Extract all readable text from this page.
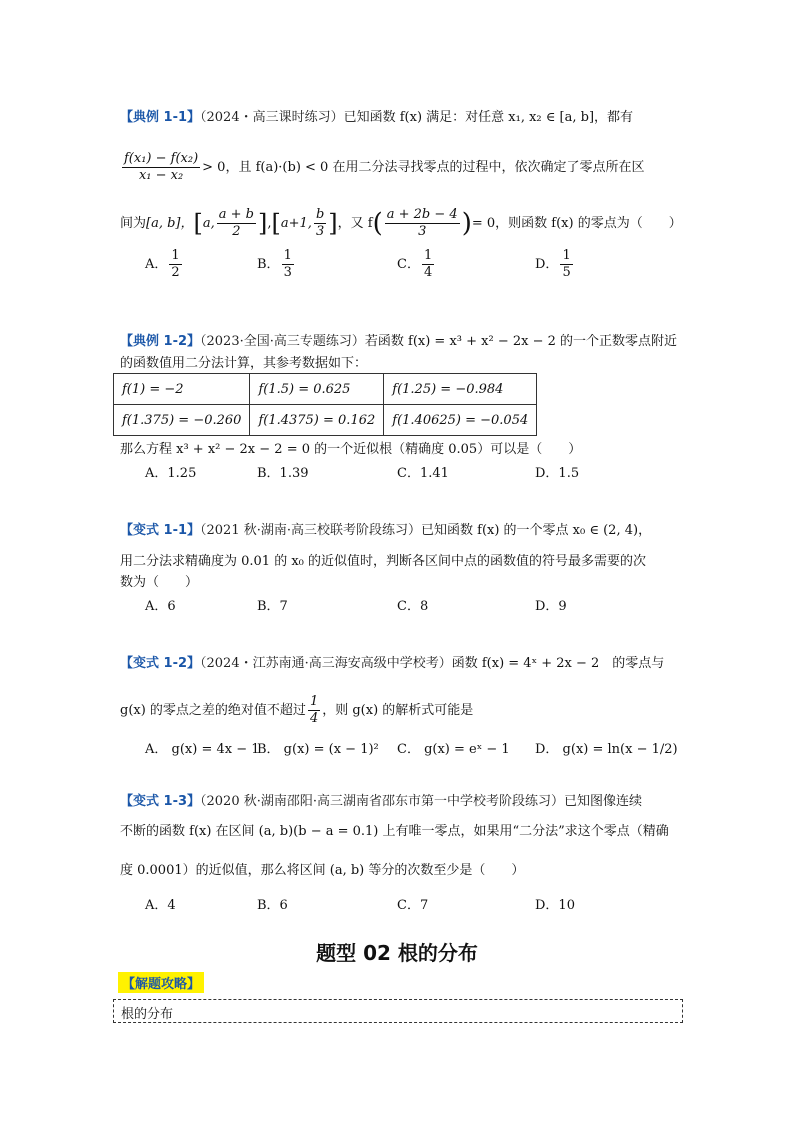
【典例 1-1】（2024・高三课时练习）已知函数 f(x) 满足：对任意 x₁, x₂ ∈ [a, b]，都有
$\frac{\text{f(x₁) − f(x₂)}}{\text{x₁ − x₂}} > 0$，且 f(a)·(b) < 0 在用二分法寻找零点的过程中，依次确定了零点所在区
间为[a, b]，[a, $\frac{a + b}{2} ],[a+1$, $\frac{b}{3}$ ]，又 $f( \frac{a + 2b - 4}{3}$ )= 0，则函数 f(x) 的零点为（　　）
A． $\frac{1}{2}$	B． $\frac{1}{3}$	C． $\frac{1}{4}$	D． $\frac{1}{5}$
【典例 1-2】（2023·全国·高三专题练习）若函数 f(x) = x³ + x² − 2x − 2 的一个正数零点附近
的函数值用二分法计算，其参考数据如下：
f(1) = −2	f(1.5) = 0.625	f(1.25) = −0.984
f(1.375) = −0.260	f(1.4375) = 0.162	f(1.40625) = −0.054
那么方程 x³ + x² − 2x − 2 = 0 的一个近似根（精确度 0.05）可以是（　　）
A．1.25	B．1.39	C．1.41	D．1.5
【变式 1-1】（2021 秋·湖南·高三校联考阶段练习）已知函数 f(x) 的一个零点 x₀ ∈ (2, 4)，
用二分法求精确度为 0.01 的 x₀ 的近似值时，判断各区间中点的函数值的符号最多需要的次
数为（　　）
A．6	B．7	C．8	D．9
【变式 1-2】（2024・江苏南通·高三海安高级中学校考）函数 f(x) = 4ˣ + 2x − 2　的零点与
g(x) 的零点之差的绝对值不超过 $\frac{1}{4}$ ，则 g(x) 的解析式可能是
A． g(x) = 4x − 1
B． g(x) = (x − 1)² C． g(x) = eˣ − 1 D． g(x) = ln(x − 1/2)
【变式 1-3】（2020 秋·湖南邵阳·高三湖南省邵东市第一中学校考阶段练习）已知图像连续
不断的函数 f(x) 在区间 (a, b)(b − a = 0.1) 上有唯一零点，如果用“二分法”求这个零点（精确
度 0.0001）的近似值，那么将区间 (a, b) 等分的次数至少是（　　）
A．4	B．6	C．7	D．10
题型 02 根的分布
【解题攻略】
根的分布
